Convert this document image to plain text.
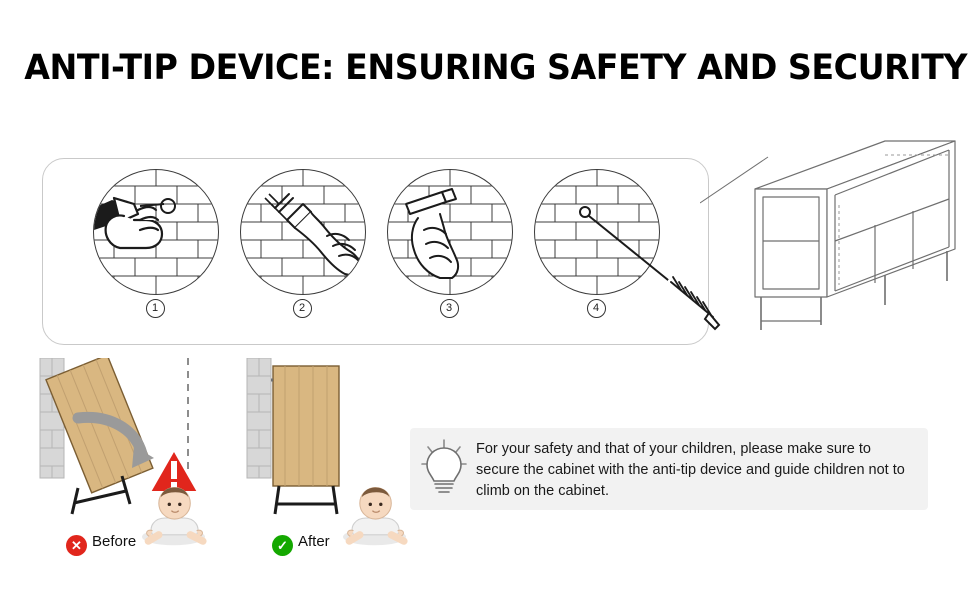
ANTI-TIP DEVICE: ENSURING SAFETY AND SECURITY
1	2	3	4
✕ Before	✓ After
For your safety and that of your children, please make sure to secure the cabinet with the anti-tip device and guide children not to climb on the cabinet.
